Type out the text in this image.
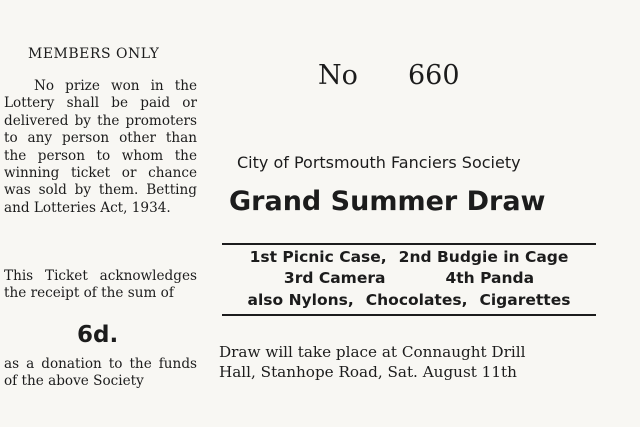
MEMBERS ONLY
No prize won in the Lottery shall be paid or delivered by the promoters to any person other than the person to whom the winning ticket or chance was sold by them. Betting and Lotteries Act, 1934.
This Ticket acknowledges the receipt of the sum of
6d.
as a donation to the funds of the above Society
No 660
City of Portsmouth Fanciers Society
Grand Summer Draw
1st Picnic Case, 2nd Budgie in Cage
3rd Camera	4th Panda
also Nylons, Chocolates, Cigarettes
Draw will take place at Connaught Drill
Hall, Stanhope Road, Sat. August 11th
